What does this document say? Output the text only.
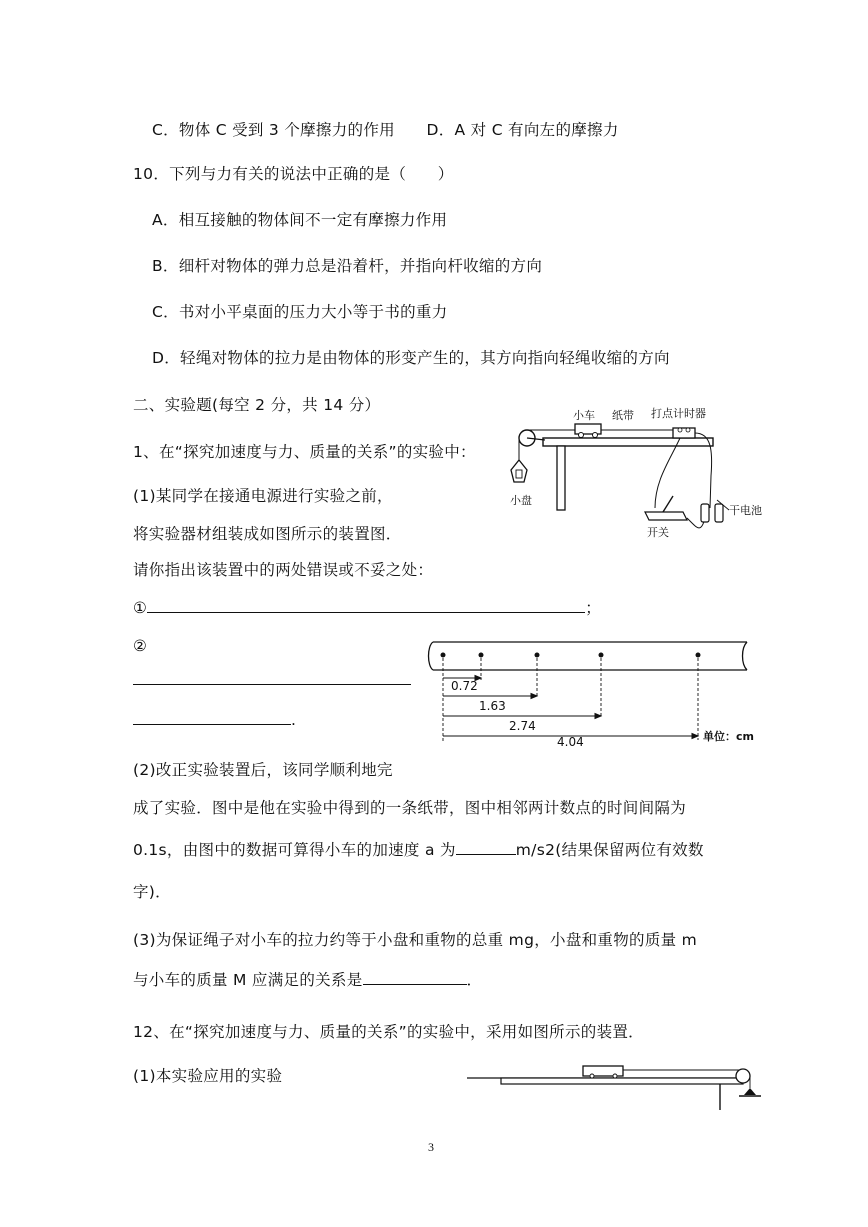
C．物体 C 受到 3 个摩擦力的作用　　D．A 对 C 有向左的摩擦力
10．下列与力有关的说法中正确的是（　　）
A．相互接触的物体间不一定有摩擦力作用
B．细杆对物体的弹力总是沿着杆，并指向杆收缩的方向
C．书对小平桌面的压力大小等于书的重力
D．轻绳对物体的拉力是由物体的形变产生的，其方向指向轻绳收缩的方向
二、实验题(每空 2 分，共 14 分）
1、在“探究加速度与力、质量的关系”的实验中：
(1)某同学在接通电源进行实验之前，
将实验器材组装成如图所示的装置图．
请你指出该装置中的两处错误或不妥之处：
①	；
②
.
(2)改正实验装置后，该同学顺利地完
成了实验．图中是他在实验中得到的一条纸带，图中相邻两计数点的时间间隔为
0.1s，由图中的数据可算得小车的加速度 a 为	m/s2(结果保留两位有效数
字)．
(3)为保证绳子对小车的拉力约等于小盘和重物的总重 mg，小盘和重物的质量 m
与小车的质量 M 应满足的关系是	．
12、在“探究加速度与力、质量的关系”的实验中，采用如图所示的装置．
(1)本实验应用的实验
小盘
小车 纸带 打点计时器
开关
干电池
0.72
1.63
2.74
4.04	单位：cm
3
